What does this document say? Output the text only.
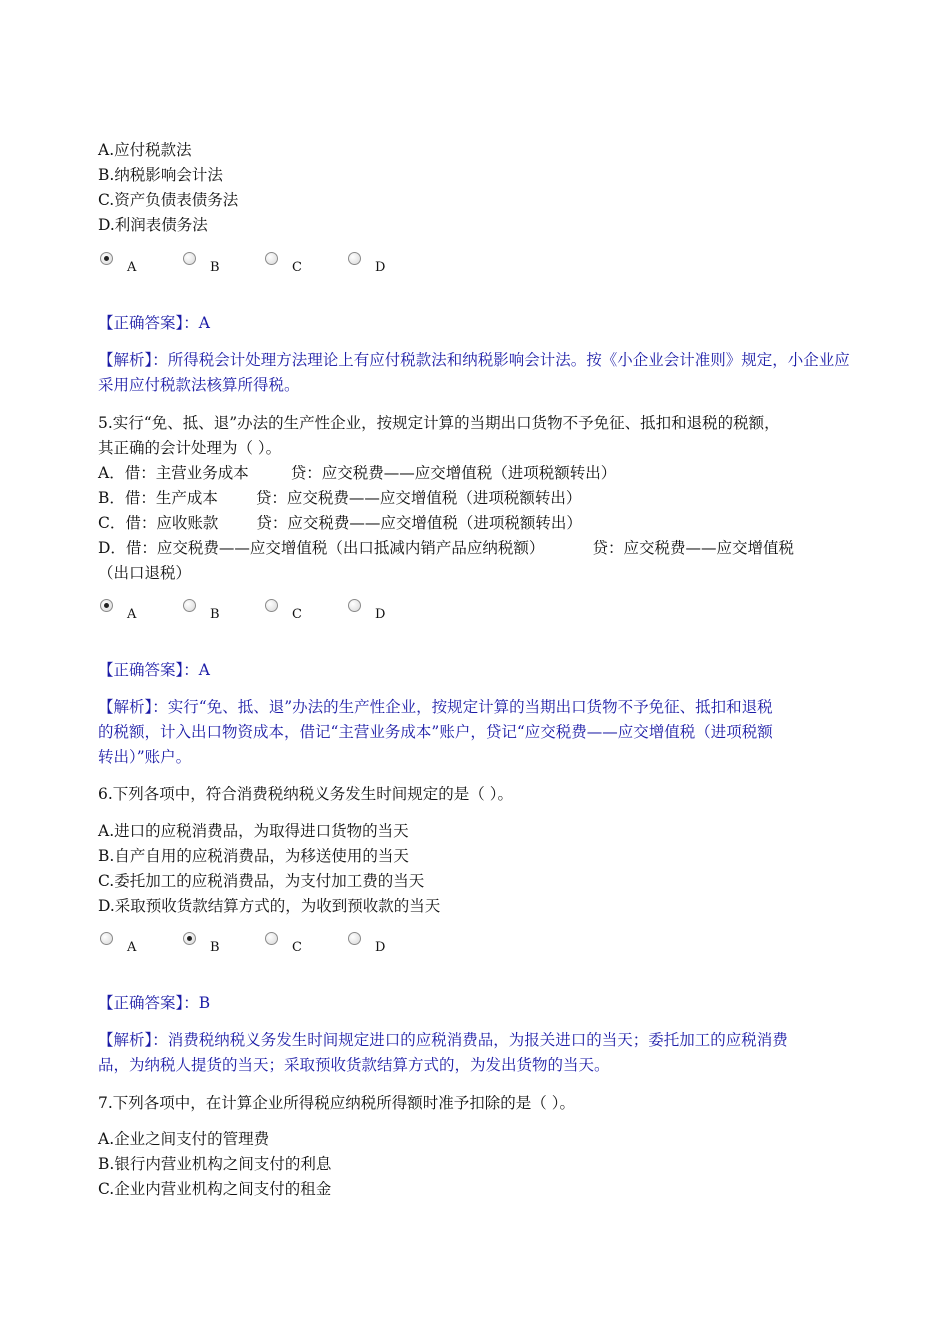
A.应付税款法
B.纳税影响会计法
C.资产负债表债务法
D.利润表债务法
A	B	C	D
【正确答案】：A
【解析】：所得税会计处理方法理论上有应付税款法和纳税影响会计法。按《小企业会计准则》规定，小企业应采用应付税款法核算所得税。
5.实行“免、抵、退”办法的生产性企业，按规定计算的当期出口货物不予免征、抵扣和退税的税额，
其正确的会计处理为（ ）。
A．借：主营业务成本	贷：应交税费——应交增值税（进项税额转出）
B．借：生产成本 贷：应交税费——应交增值税（进项税额转出）
C．借：应收账款 贷：应交税费——应交增值税（进项税额转出）
D．借：应交税费——应交增值税（出口抵减内销产品应纳税额）	贷：应交税费——应交增值税
（出口退税）
A	B	C	D
【正确答案】：A
【解析】：实行“免、抵、退”办法的生产性企业，按规定计算的当期出口货物不予免征、抵扣和退税
的税额，计入出口物资成本，借记“主营业务成本”账户，贷记“应交税费——应交增值税（进项税额
转出）”账户。
6.下列各项中，符合消费税纳税义务发生时间规定的是（ ）。
A.进口的应税消费品，为取得进口货物的当天
B.自产自用的应税消费品，为移送使用的当天
C.委托加工的应税消费品，为支付加工费的当天
D.采取预收货款结算方式的，为收到预收款的当天
A	B	C	D
【正确答案】：B
【解析】：消费税纳税义务发生时间规定进口的应税消费品，为报关进口的当天；委托加工的应税消费
品，为纳税人提货的当天；采取预收货款结算方式的，为发出货物的当天。
7.下列各项中，在计算企业所得税应纳税所得额时准予扣除的是（ ）。
A.企业之间支付的管理费
B.银行内营业机构之间支付的利息
C.企业内营业机构之间支付的租金
